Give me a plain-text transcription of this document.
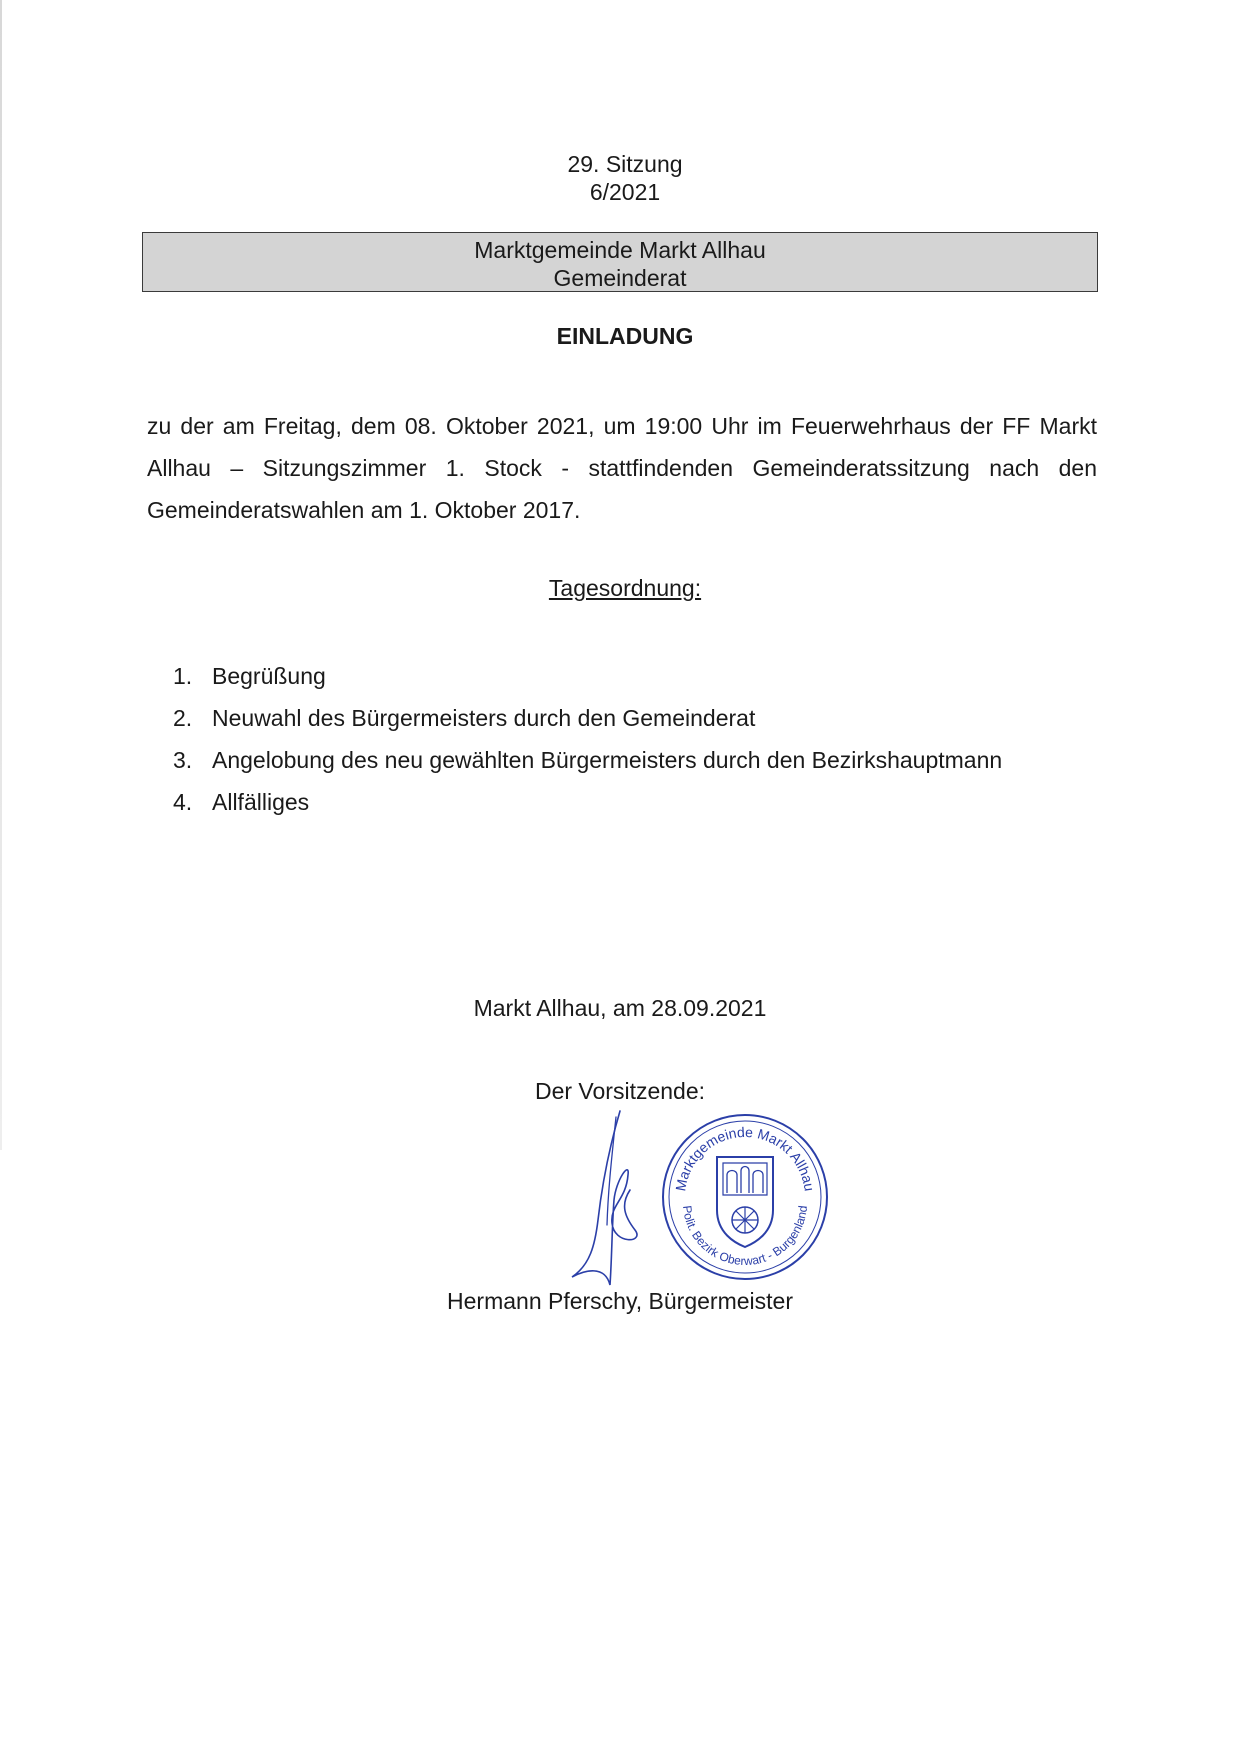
29. Sitzung
6/2021
Marktgemeinde Markt Allhau
Gemeinderat
EINLADUNG
zu der am Freitag, dem 08. Oktober 2021, um 19:00 Uhr im Feuerwehrhaus der FF Markt Allhau – Sitzungszimmer 1. Stock - stattfindenden Gemeinderatssitzung nach den Gemeinderatswahlen am 1. Oktober 2017.
Tagesordnung:
1. Begrüßung
2. Neuwahl des Bürgermeisters durch den Gemeinderat
3. Angelobung des neu gewählten Bürgermeisters durch den Bezirkshauptmann
4. Allfälliges
Markt Allhau, am 28.09.2021
Der Vorsitzende:
Marktgemeinde Markt Allhau
Polit. Bezirk Oberwart - Burgenland
Hermann Pferschy, Bürgermeister
